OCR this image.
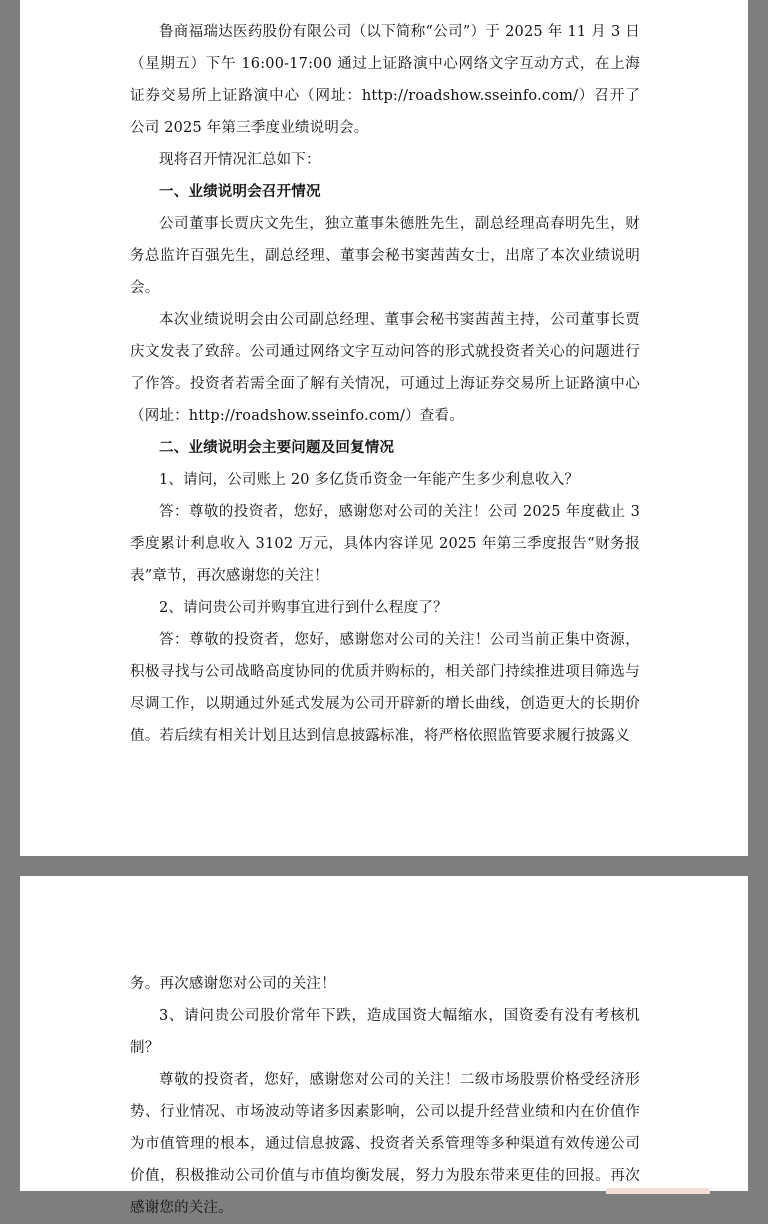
鲁商福瑞达医药股份有限公司（以下简称“公司”）于 2025 年 11 月 3 日（星期五）下午 16:00-17:00 通过上证路演中心网络文字互动方式，在上海证券交易所上证路演中心（网址：http://roadshow.sseinfo.com/）召开了公司 2025 年第三季度业绩说明会。

现将召开情况汇总如下：

一、业绩说明会召开情况

公司董事长贾庆文先生，独立董事朱德胜先生，副总经理高春明先生，财务总监许百强先生，副总经理、董事会秘书窦茜茜女士，出席了本次业绩说明会。

本次业绩说明会由公司副总经理、董事会秘书窦茜茜主持，公司董事长贾庆文发表了致辞。公司通过网络文字互动问答的形式就投资者关心的问题进行了作答。投资者若需全面了解有关情况，可通过上海证券交易所上证路演中心（网址：http://roadshow.sseinfo.com/）查看。

二、业绩说明会主要问题及回复情况

1、请问，公司账上 20 多亿货币资金一年能产生多少利息收入？

答：尊敬的投资者，您好，感谢您对公司的关注！公司 2025 年度截止 3 季度累计利息收入 3102 万元，具体内容详见 2025 年第三季度报告“财务报表”章节，再次感谢您的关注！

2、请问贵公司并购事宜进行到什么程度了？

答：尊敬的投资者，您好，感谢您对公司的关注！公司当前正集中资源，积极寻找与公司战略高度协同的优质并购标的，相关部门持续推进项目筛选与尽调工作，以期通过外延式发展为公司开辟新的增长曲线，创造更大的长期价值。若后续有相关计划且达到信息披露标准，将严格依照监管要求履行披露义

务。再次感谢您对公司的关注！

3、请问贵公司股价常年下跌，造成国资大幅缩水，国资委有没有考核机制？

尊敬的投资者，您好，感谢您对公司的关注！二级市场股票价格受经济形势、行业情况、市场波动等诸多因素影响，公司以提升经营业绩和内在价值作为市值管理的根本，通过信息披露、投资者关系管理等多种渠道有效传递公司价值，积极推动公司价值与市值均衡发展，努力为股东带来更佳的回报。再次感谢您的关注。
